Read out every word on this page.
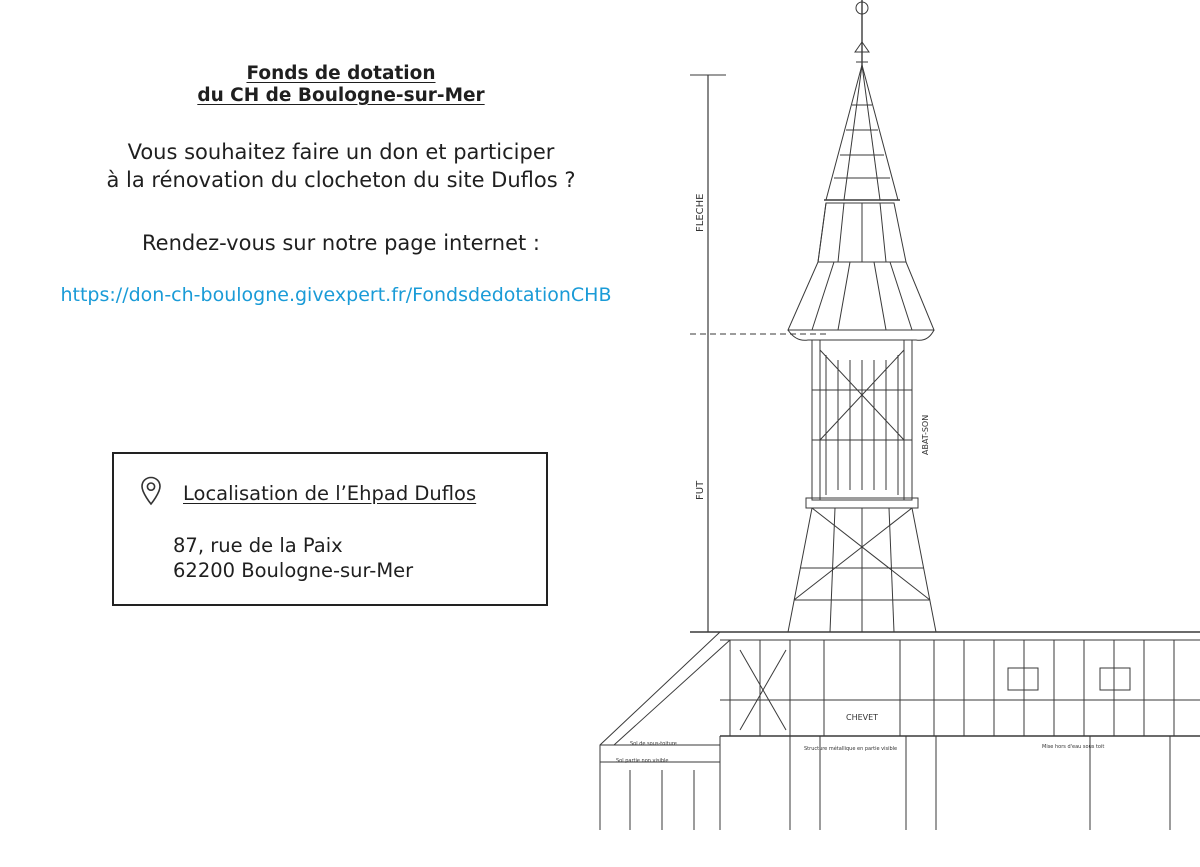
Fonds de dotation
du CH de Boulogne-sur-Mer
Vous souhaitez faire un don et participer
à la rénovation du clocheton du site Duflos ?
Rendez-vous sur notre page internet :
https://don-ch-boulogne.givexpert.fr/FondsdedotationCHB
Localisation de l’Ehpad Duflos
87, rue de la Paix
62200 Boulogne-sur-Mer
FLECHE
FUT
ABAT-SON
CHEVET
Structure métallique en partie visible
Sol de sous-toiture
Sol partie non visible
Mise hors d'eau sous toit
